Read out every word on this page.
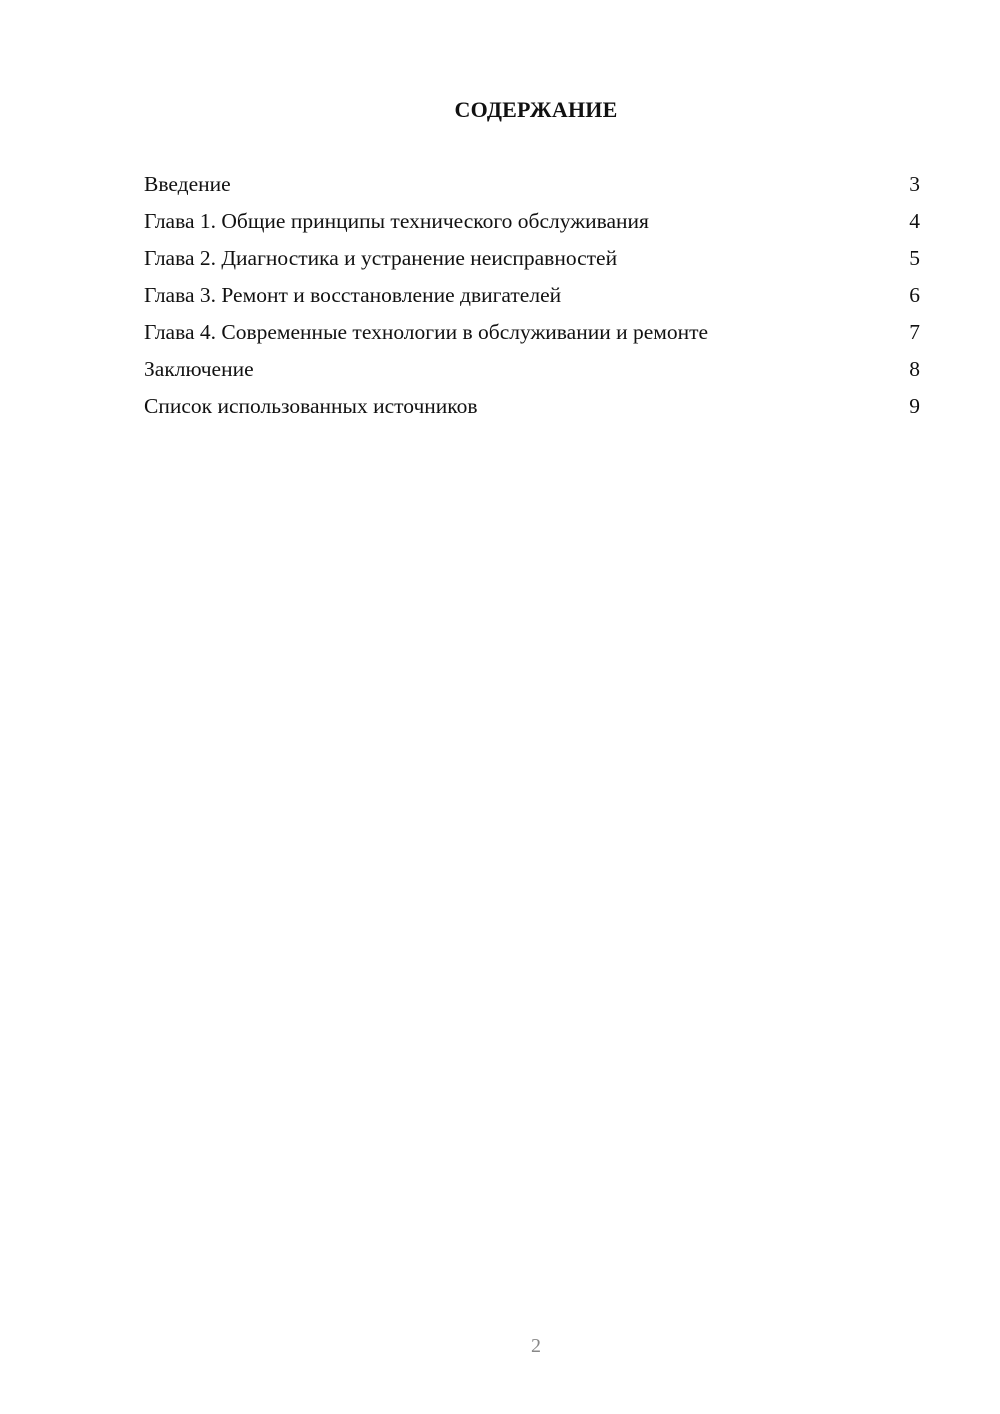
СОДЕРЖАНИЕ
Введение	3
Глава 1. Общие принципы технического обслуживания	4
Глава 2. Диагностика и устранение неисправностей	5
Глава 3. Ремонт и восстановление двигателей	6
Глава 4. Современные технологии в обслуживании и ремонте	7
Заключение	8
Список использованных источников	9
2
